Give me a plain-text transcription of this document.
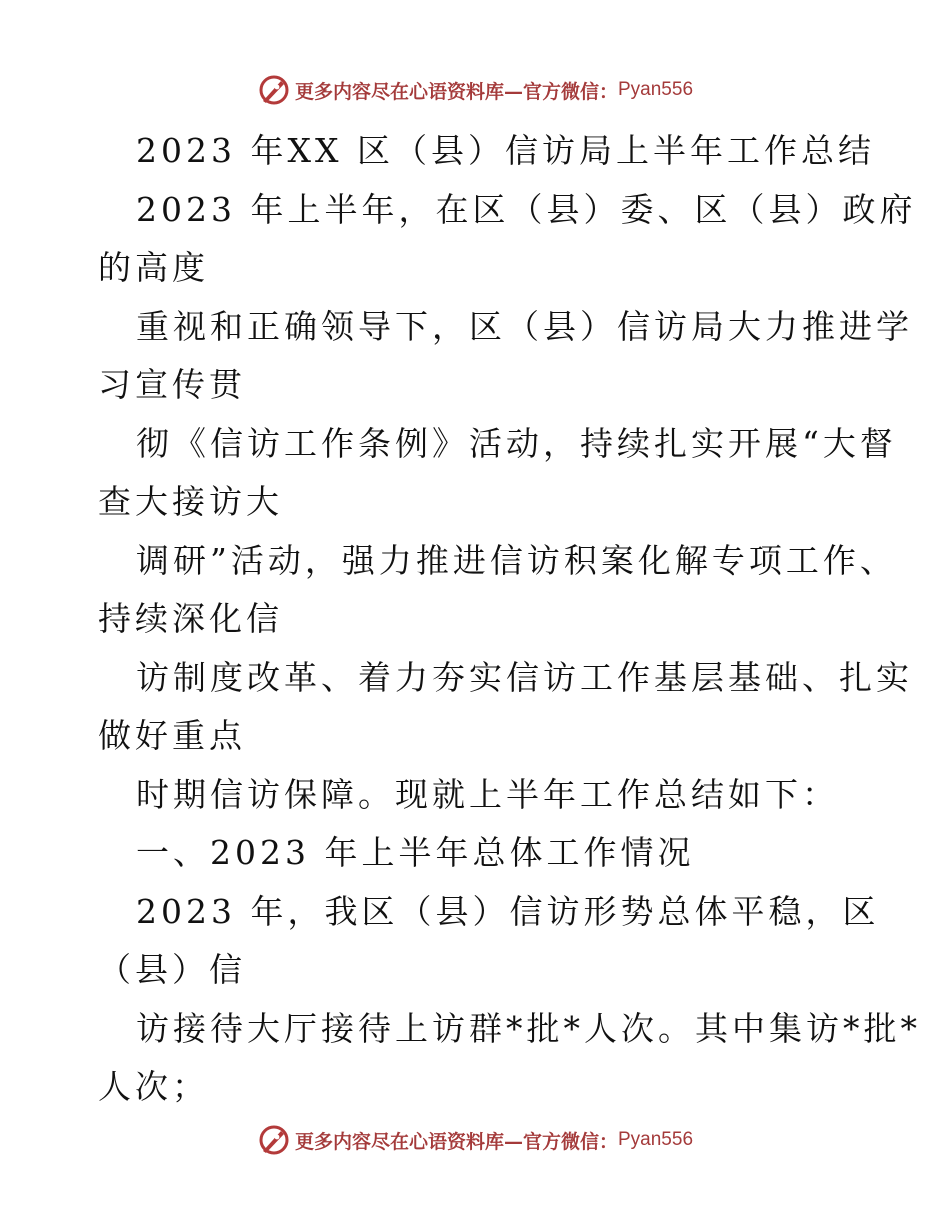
更多内容尽在心语资料库—官方微信： Pyan556
2023 年XX 区（县）信访局上半年工作总结
2023 年上半年，在区（县）委、区（县）政府
的高度
重视和正确领导下，区（县）信访局大力推进学
习宣传贯
彻《信访工作条例》活动，持续扎实开展“大督
查大接访大
调研”活动，强力推进信访积案化解专项工作、
持续深化信
访制度改革、着力夯实信访工作基层基础、扎实
做好重点
时期信访保障。现就上半年工作总结如下：
一、2023 年上半年总体工作情况
2023 年，我区（县）信访形势总体平稳，区
（县）信
访接待大厅接待上访群*批*人次。其中集访*批*
人次；
更多内容尽在心语资料库—官方微信： Pyan556
